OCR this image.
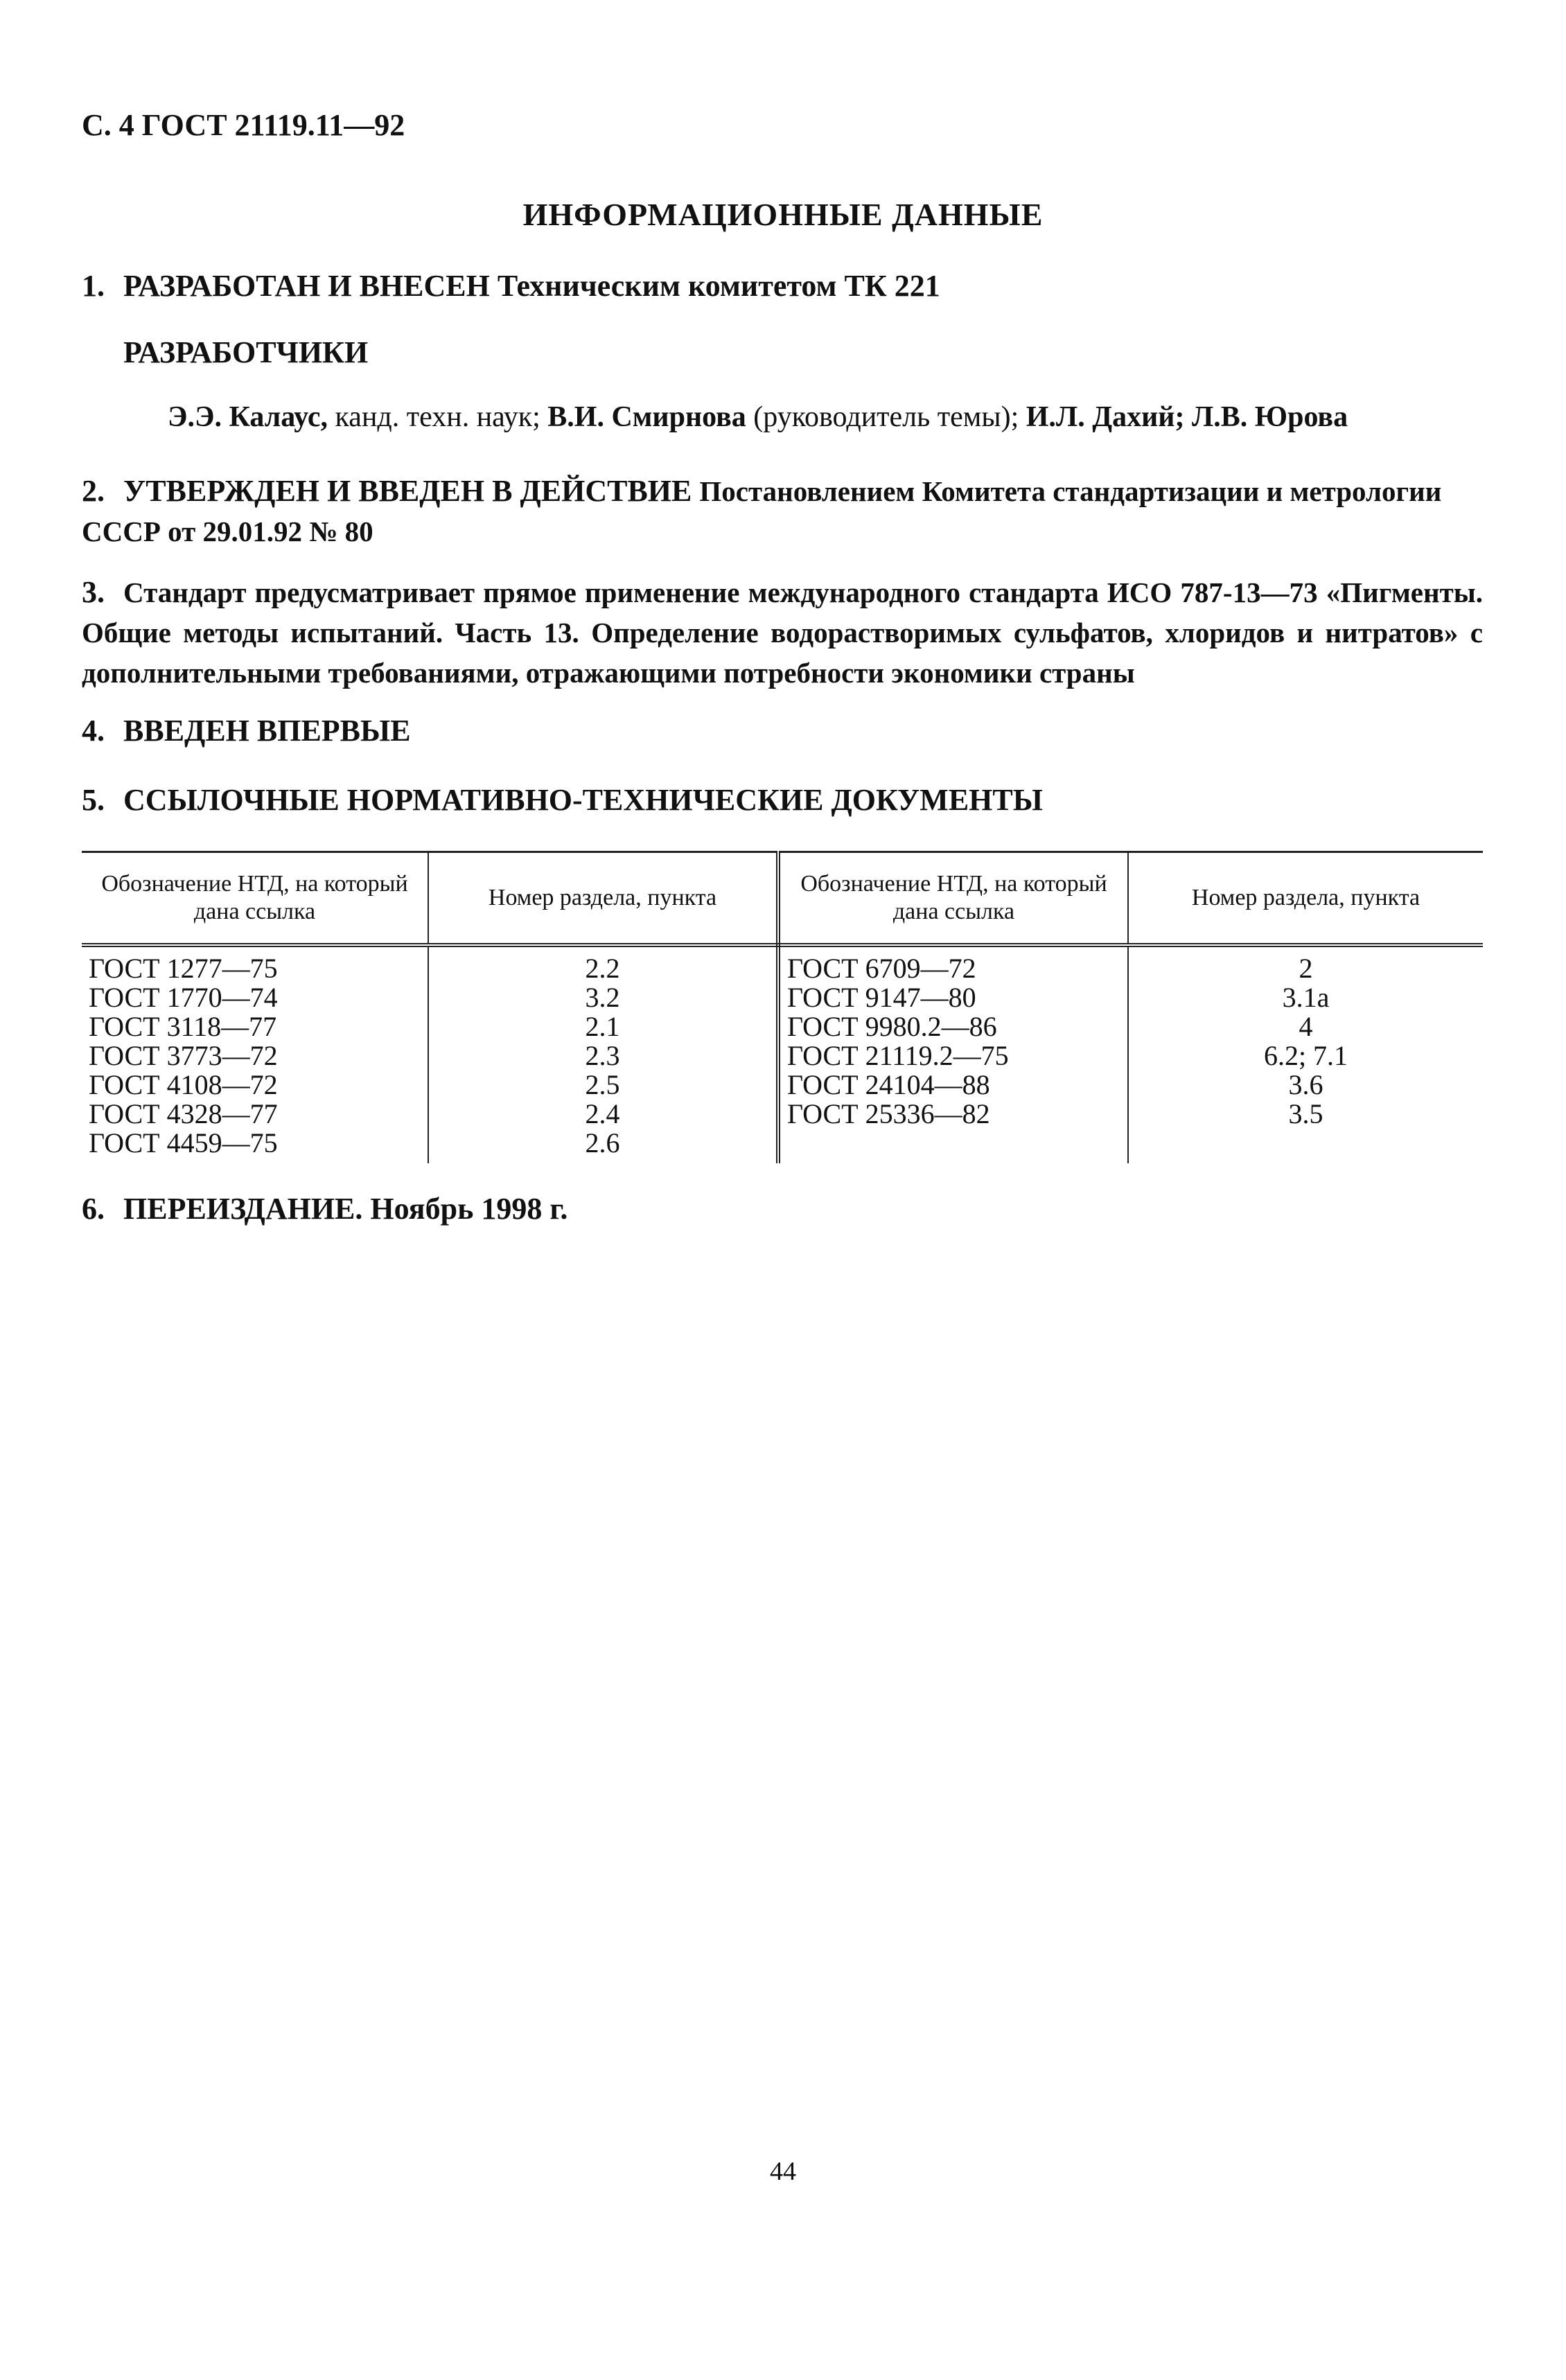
С. 4 ГОСТ 21119.11—92
ИНФОРМАЦИОННЫЕ ДАННЫЕ
1. РАЗРАБОТАН И ВНЕСЕН Техническим комитетом ТК 221
РАЗРАБОТЧИКИ
Э.Э. Калаус, канд. техн. наук; В.И. Смирнова (руководитель темы); И.Л. Дахий; Л.В. Юрова
2. УТВЕРЖДЕН И ВВЕДЕН В ДЕЙСТВИЕ Постановлением Комитета стандартизации и метрологии СССР от 29.01.92 № 80
3. Стандарт предусматривает прямое применение международного стандарта ИСО 787-13—73 «Пигменты. Общие методы испытаний. Часть 13. Определение водорастворимых сульфатов, хлоридов и нитратов» с дополнительными требованиями, отражающими потребности экономики страны
4. ВВЕДЕН ВПЕРВЫЕ
5. ССЫЛОЧНЫЕ НОРМАТИВНО-ТЕХНИЧЕСКИЕ ДОКУМЕНТЫ
Обозначение НТД, на который дана ссылка	Номер раздела, пункта	Обозначение НТД, на который дана ссылка	Номер раздела, пункта
ГОСТ 1277—75	2.2	ГОСТ 6709—72	2
ГОСТ 1770—74	3.2	ГОСТ 9147—80	3.1а
ГОСТ 3118—77	2.1	ГОСТ 9980.2—86	4
ГОСТ 3773—72	2.3	ГОСТ 21119.2—75	6.2; 7.1
ГОСТ 4108—72	2.5	ГОСТ 24104—88	3.6
ГОСТ 4328—77	2.4	ГОСТ 25336—82	3.5
ГОСТ 4459—75	2.6		
6. ПЕРЕИЗДАНИЕ. Ноябрь 1998 г.
44
